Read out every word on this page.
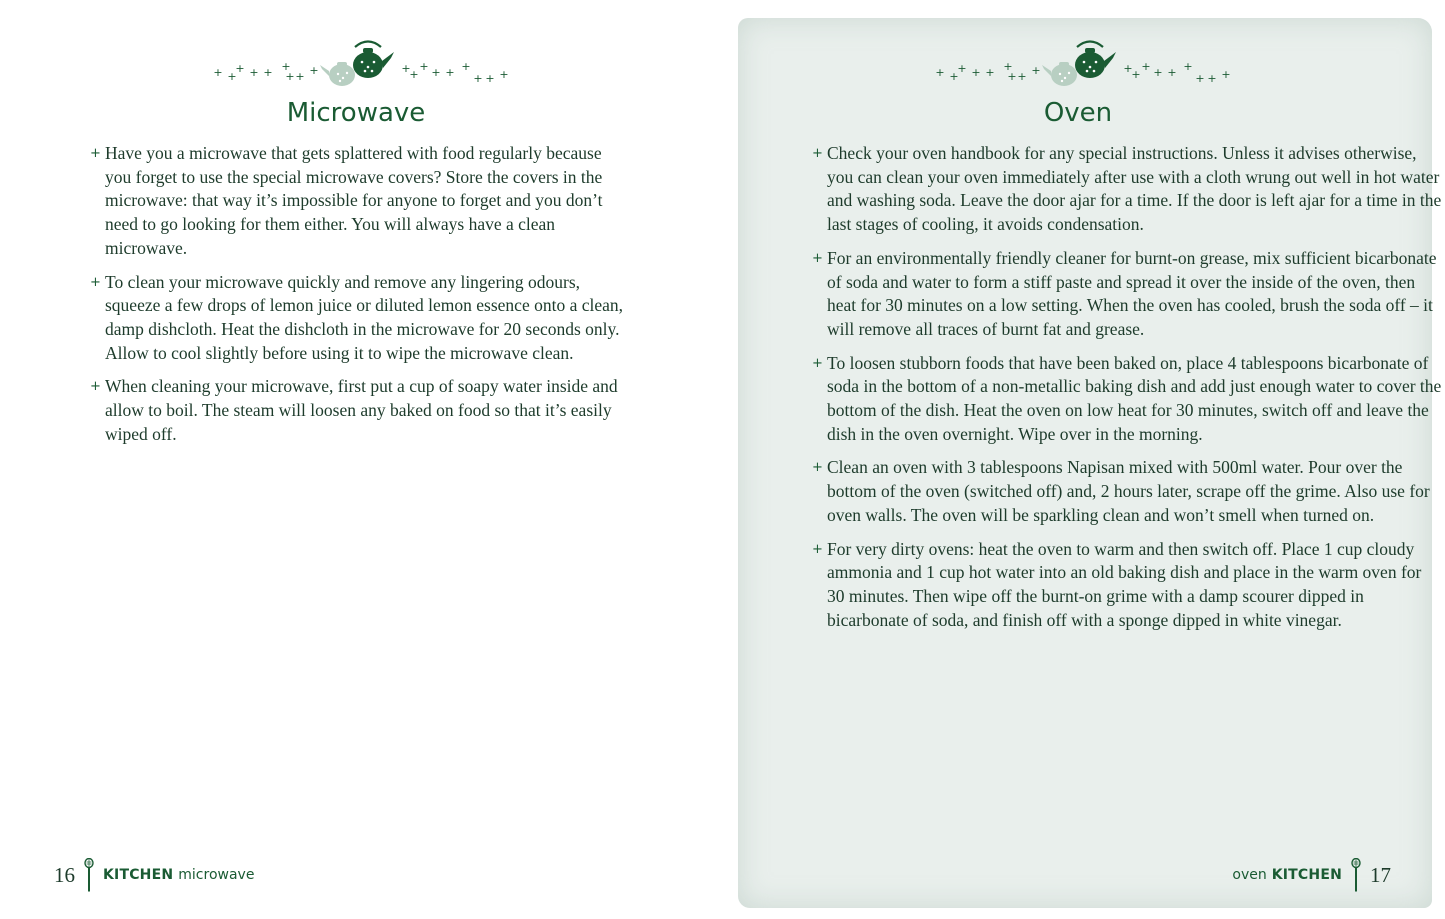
+ +
+ + + +
+ + +	+
+
+ + + +
+ + +
Microwave

+ Have you a microwave that gets splattered with food regularly because you forget to use the special microwave covers? Store the covers in the microwave: that way it’s impossible for anyone to forget and you don’t need to go looking for them either. You will always have a clean microwave.

+ To clean your microwave quickly and remove any lingering odours, squeeze a few drops of lemon juice or diluted lemon essence onto a clean, damp dishcloth. Heat the dishcloth in the microwave for 20 seconds only. Allow to cool slightly before using it to wipe the microwave clean.

+ When cleaning your microwave, first put a cup of soapy water inside and allow to boil. The steam will loosen any baked on food so that it’s easily wiped off.

16 KITCHEN microwave
+ +
+ + + +
+ + +	+
+
+ + + +
+ + +
Oven

+ Check your oven handbook for any special instructions. Unless it advises otherwise, you can clean your oven immediately after use with a cloth wrung out well in hot water and washing soda. Leave the door ajar for a time. If the door is left ajar for a time in the last stages of cooling, it avoids condensation.

+ For an environmentally friendly cleaner for burnt-on grease, mix sufficient bicarbonate of soda and water to form a stiff paste and spread it over the inside of the oven, then heat for 30 minutes on a low setting. When the oven has cooled, brush the soda off – it will remove all traces of burnt fat and grease.

+ To loosen stubborn foods that have been baked on, place 4 tablespoons bicarbonate of soda in the bottom of a non-metallic baking dish and add just enough water to cover the bottom of the dish. Heat the oven on low heat for 30 minutes, switch off and leave the dish in the oven overnight. Wipe over in the morning.

+ Clean an oven with 3 tablespoons Napisan mixed with 500ml water. Pour over the bottom of the oven (switched off) and, 2 hours later, scrape off the grime. Also use for oven walls. The oven will be sparkling clean and won’t smell when turned on.

+ For very dirty ovens: heat the oven to warm and then switch off. Place 1 cup cloudy ammonia and 1 cup hot water into an old baking dish and place in the warm oven for 30 minutes. Then wipe off the burnt-on grime with a damp scourer dipped in bicarbonate of soda, and finish off with a sponge dipped in white vinegar.

oven KITCHEN 17
